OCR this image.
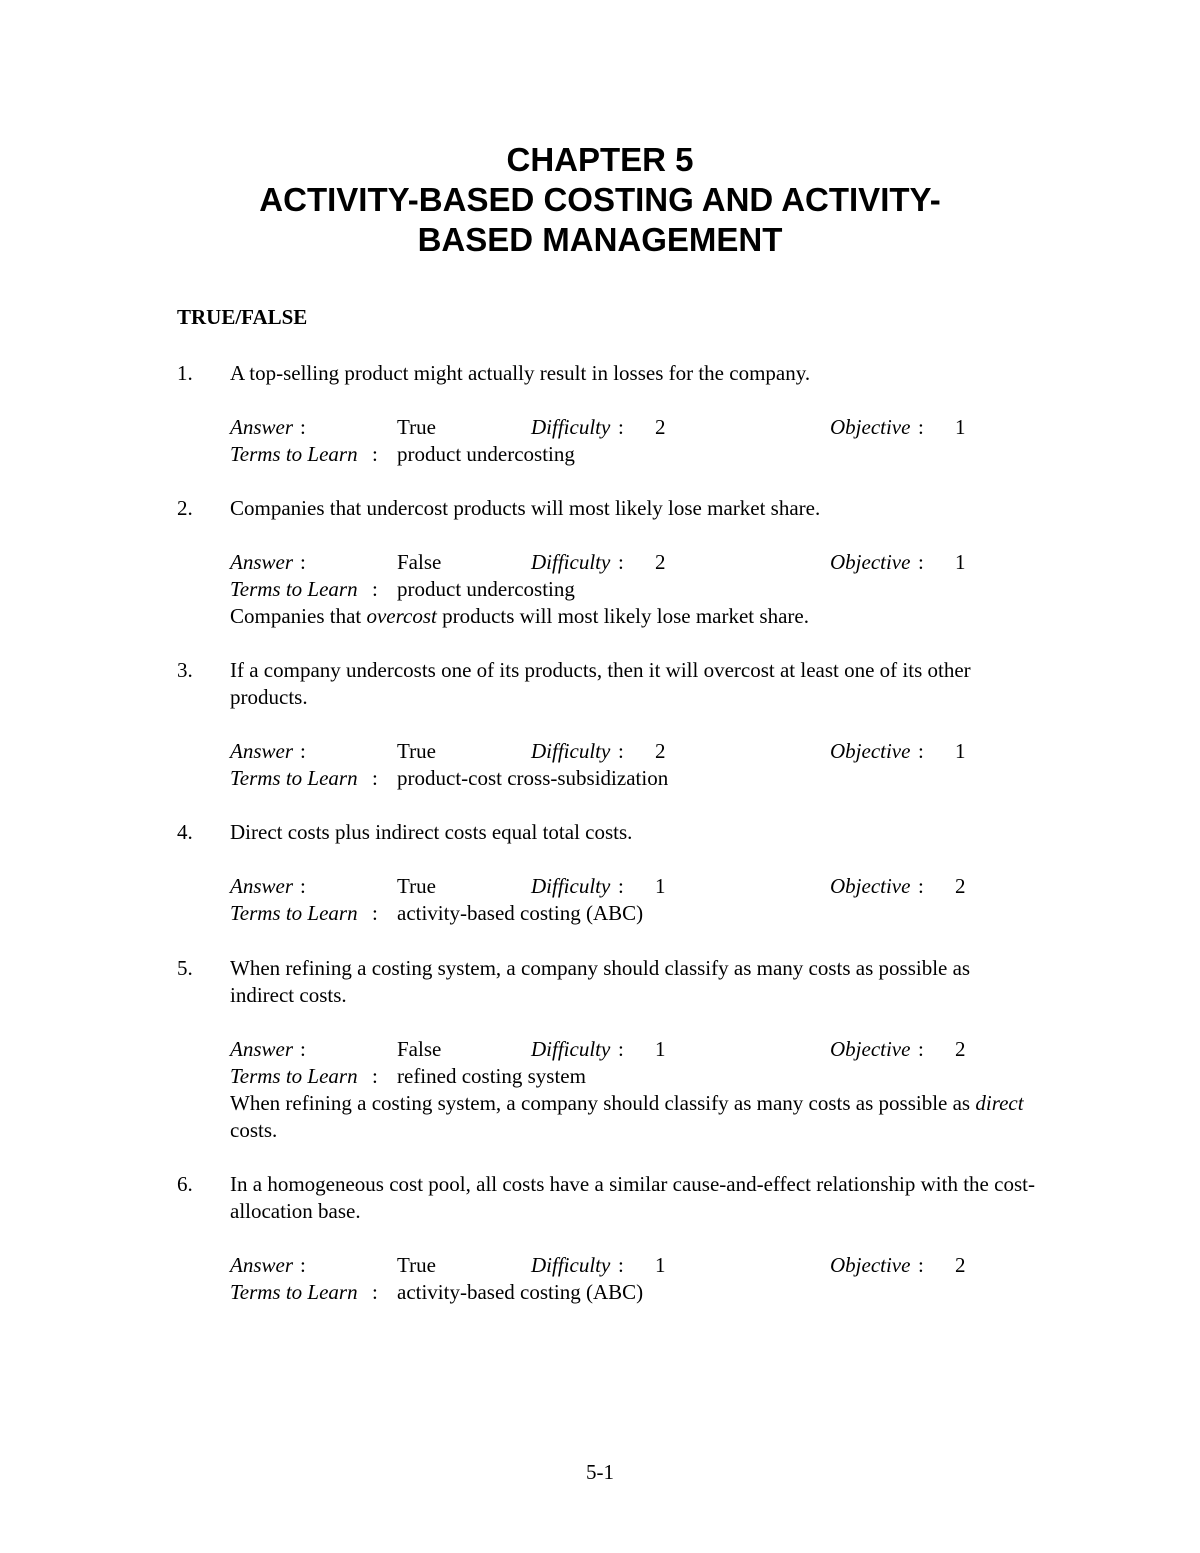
CHAPTER 5
ACTIVITY-BASED COSTING AND ACTIVITY-
BASED MANAGEMENT
TRUE/FALSE
1. A top-selling product might actually result in losses for the company.
Answer :	True	Difficulty : 2	Objective : 1
Terms to Learn : product undercosting
2. Companies that undercost products will most likely lose market share.
Answer :	False	Difficulty : 2	Objective : 1
Terms to Learn : product undercosting
Companies that overcost products will most likely lose market share.
3. If a company undercosts one of its products, then it will overcost at least one of its other products.
Answer :	True	Difficulty : 2	Objective : 1
Terms to Learn : product-cost cross-subsidization
4. Direct costs plus indirect costs equal total costs.
Answer :	True	Difficulty : 1	Objective : 2
Terms to Learn : activity-based costing (ABC)
5. When refining a costing system, a company should classify as many costs as possible as indirect costs.
Answer :	False	Difficulty : 1	Objective : 2
Terms to Learn : refined costing system
When refining a costing system, a company should classify as many costs as possible as direct costs.
6. In a homogeneous cost pool, all costs have a similar cause-and-effect relationship with the cost-allocation base.
Answer :	True	Difficulty : 1	Objective : 2
Terms to Learn : activity-based costing (ABC)
5-1
